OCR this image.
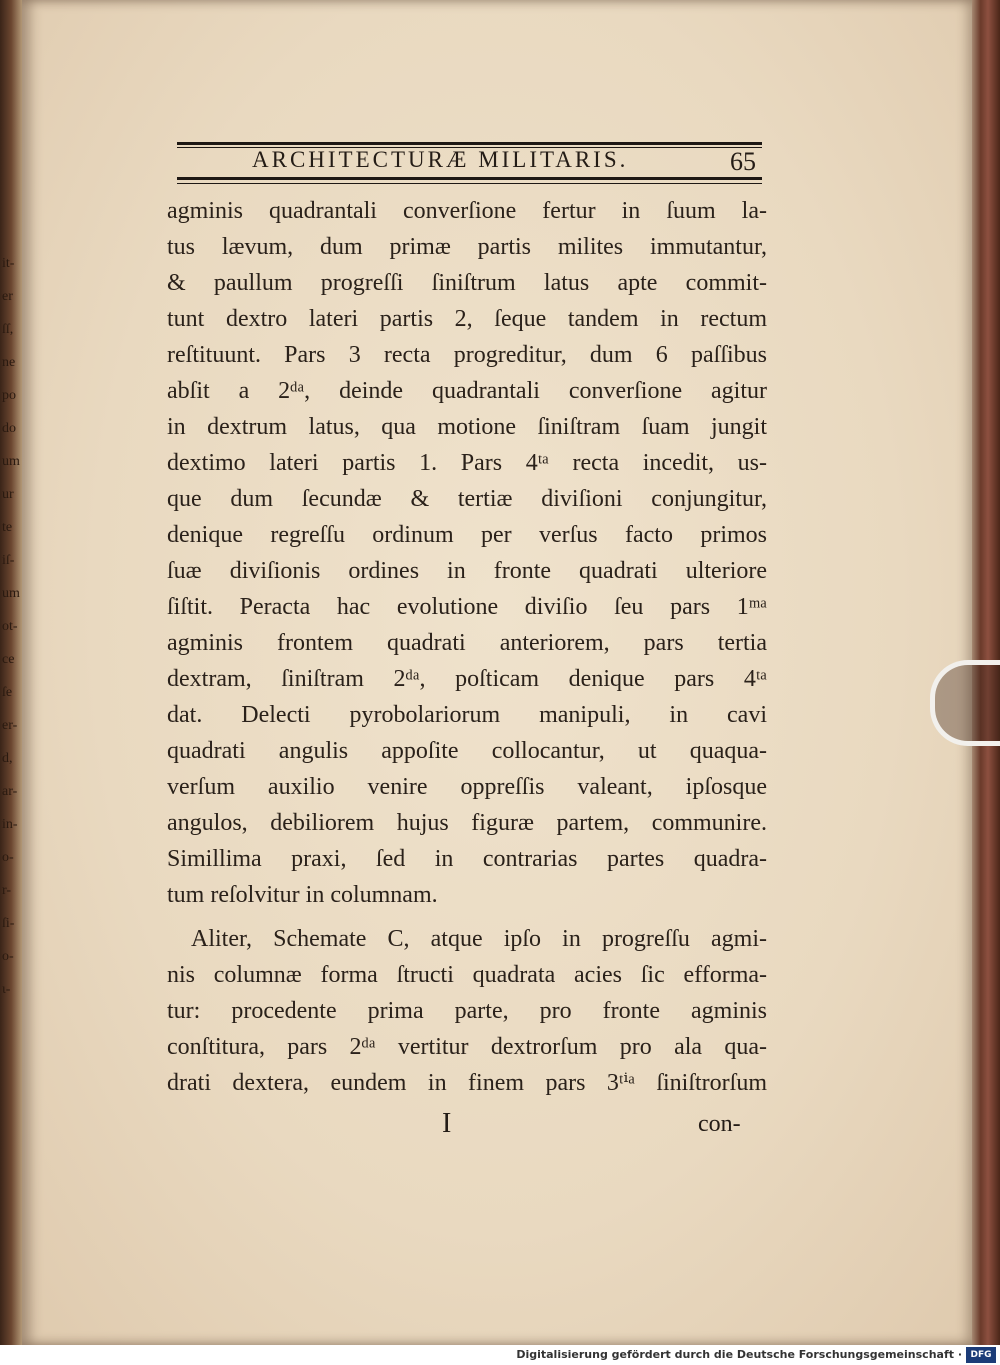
it-
er
ſſ,
ne
po
do
um
ur
te
iſ-
um
ot-
ce
ſe
er-
d,
ar-
in-
o-
r-
ſi-
o-
ɩ-
ARCHITECTURÆ MILITARIS.	65
agminis quadrantali converſione fertur in ſuum la-
tus lævum, dum primæ partis milites immutantur,
& paullum progreſſi ſiniſtrum latus apte commit-
tunt dextro lateri partis 2, ſeque tandem in rectum
reſtituunt. Pars 3 recta progreditur, dum 6 paſſibus
abſit a 2ᵈᵃ, deinde quadrantali converſione agitur
in dextrum latus, qua motione ſiniſtram ſuam jungit
dextimo lateri partis 1. Pars 4ᵗᵃ recta incedit, us-
que dum ſecundæ & tertiæ diviſioni conjungitur,
denique regreſſu ordinum per verſus facto primos
ſuæ diviſionis ordines in fronte quadrati ulteriore
ſiſtit. Peracta hac evolutione diviſio ſeu pars 1ᵐᵃ
agminis frontem quadrati anteriorem, pars tertia
dextram, ſiniſtram 2ᵈᵃ, poſticam denique pars 4ᵗᵃ
dat. Delecti pyrobolariorum manipuli, in cavi
quadrati angulis appoſite collocantur, ut quaqua-
verſum auxilio venire oppreſſis valeant, ipſosque
angulos, debiliorem hujus figuræ partem, communire.
Simillima praxi, ſed in contrarias partes quadra-
tum reſolvitur in columnam.
Aliter, Schemate C, atque ipſo in progreſſu agmi-
nis columnæ forma ſtructi quadrata acies ſic efforma-
tur: procedente prima parte, pro fronte agminis
conſtitura, pars 2ᵈᵃ vertitur dextrorſum pro ala qua-
drati dextera, eundem in finem pars 3ᵗⁱᵃ ſiniſtrorſum
I	con-
Digitalisierung gefördert durch die Deutsche Forschungsgemeinschaft · DFG
